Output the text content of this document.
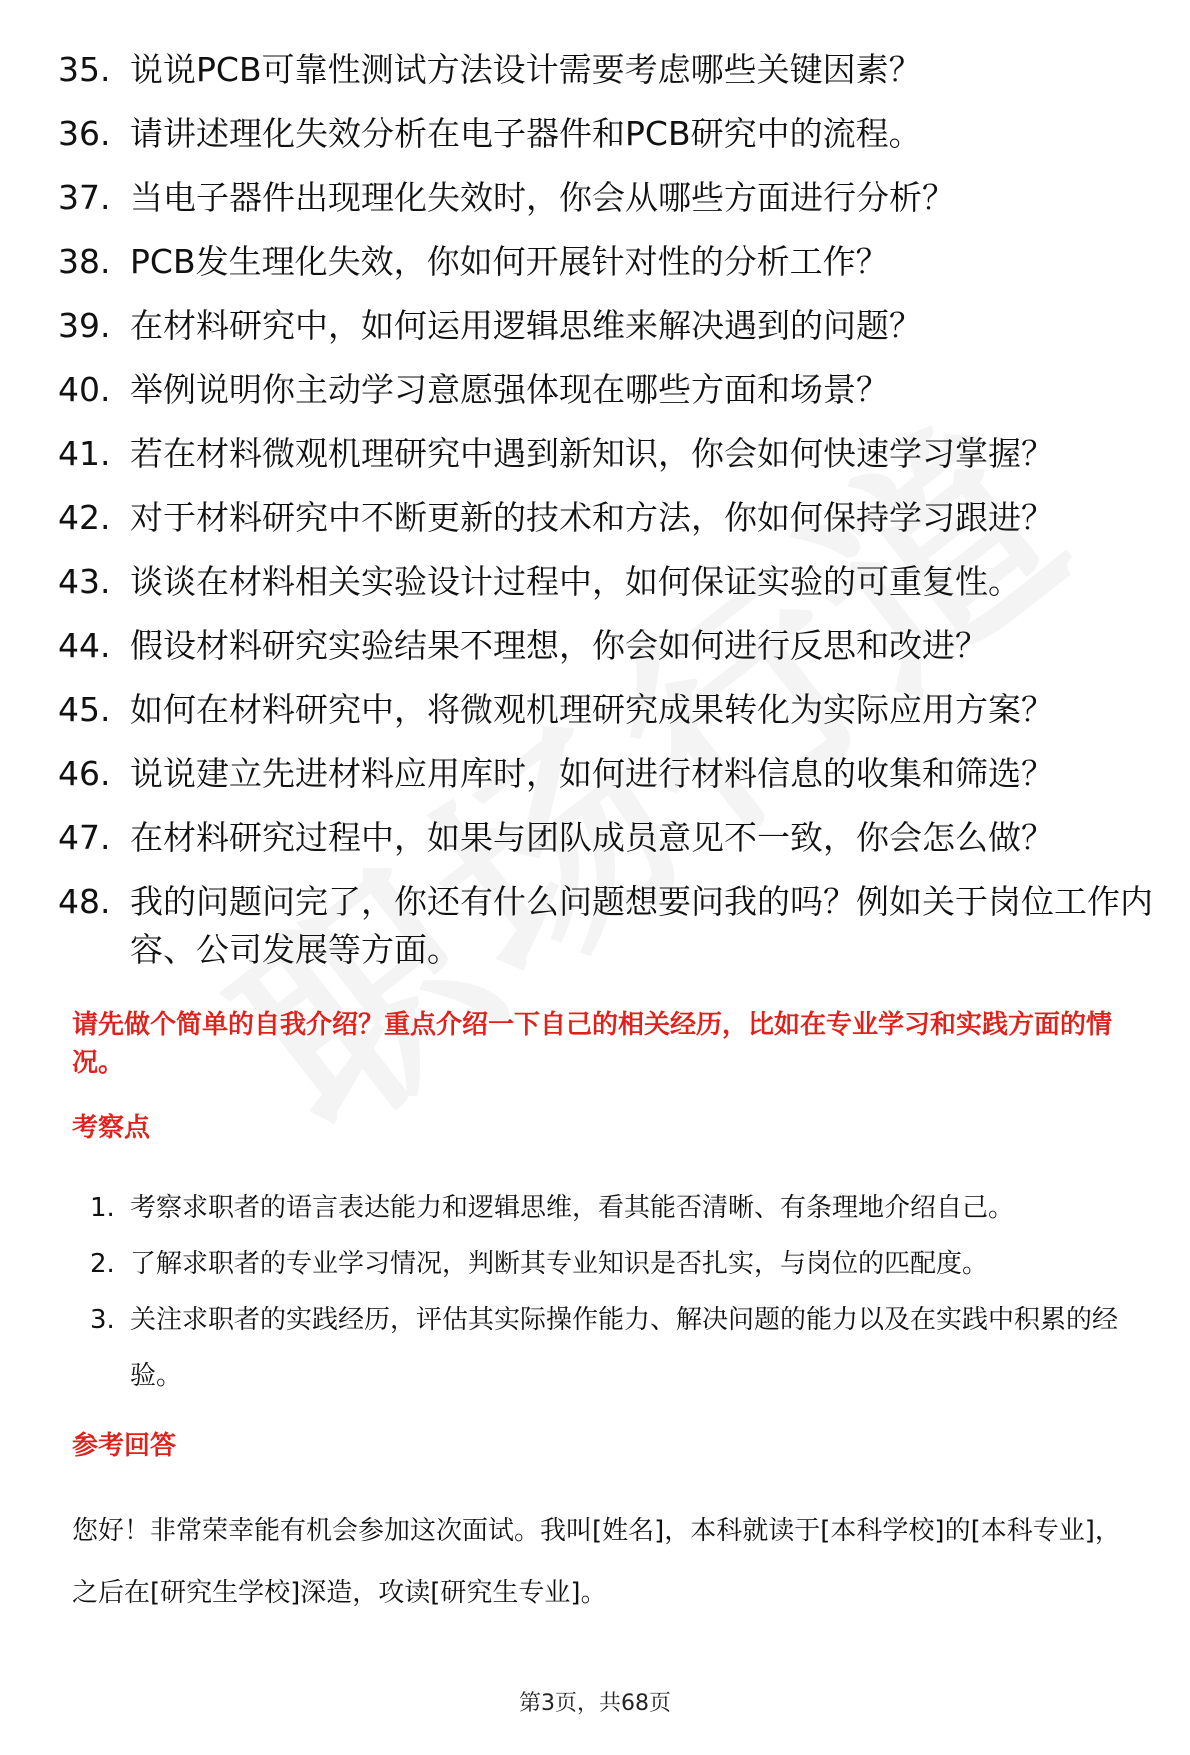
35. 说说PCB可靠性测试方法设计需要考虑哪些关键因素？
36. 请讲述理化失效分析在电子器件和PCB研究中的流程。
37. 当电子器件出现理化失效时，你会从哪些方面进行分析？
38. PCB发生理化失效，你如何开展针对性的分析工作？
39. 在材料研究中，如何运用逻辑思维来解决遇到的问题？
40. 举例说明你主动学习意愿强体现在哪些方面和场景？
41. 若在材料微观机理研究中遇到新知识，你会如何快速学习掌握？
42. 对于材料研究中不断更新的技术和方法，你如何保持学习跟进？
43. 谈谈在材料相关实验设计过程中，如何保证实验的可重复性。
44. 假设材料研究实验结果不理想，你会如何进行反思和改进？
45. 如何在材料研究中，将微观机理研究成果转化为实际应用方案？
46. 说说建立先进材料应用库时，如何进行材料信息的收集和筛选？
47. 在材料研究过程中，如果与团队成员意见不一致，你会怎么做？
48. 我的问题问完了，你还有什么问题想要问我的吗？例如关于岗位工作内容、公司发展等方面。
请先做个简单的自我介绍？重点介绍一下自己的相关经历，比如在专业学习和实践方面的情况。
考察点
1. 考察求职者的语言表达能力和逻辑思维，看其能否清晰、有条理地介绍自己。
2. 了解求职者的专业学习情况，判断其专业知识是否扎实，与岗位的匹配度。
3. 关注求职者的实践经历，评估其实际操作能力、解决问题的能力以及在实践中积累的经验。
参考回答
您好！非常荣幸能有机会参加这次面试。我叫[姓名]，本科就读于[本科学校]的[本科专业]，之后在[研究生学校]深造，攻读[研究生专业]。
第3页，共68页
